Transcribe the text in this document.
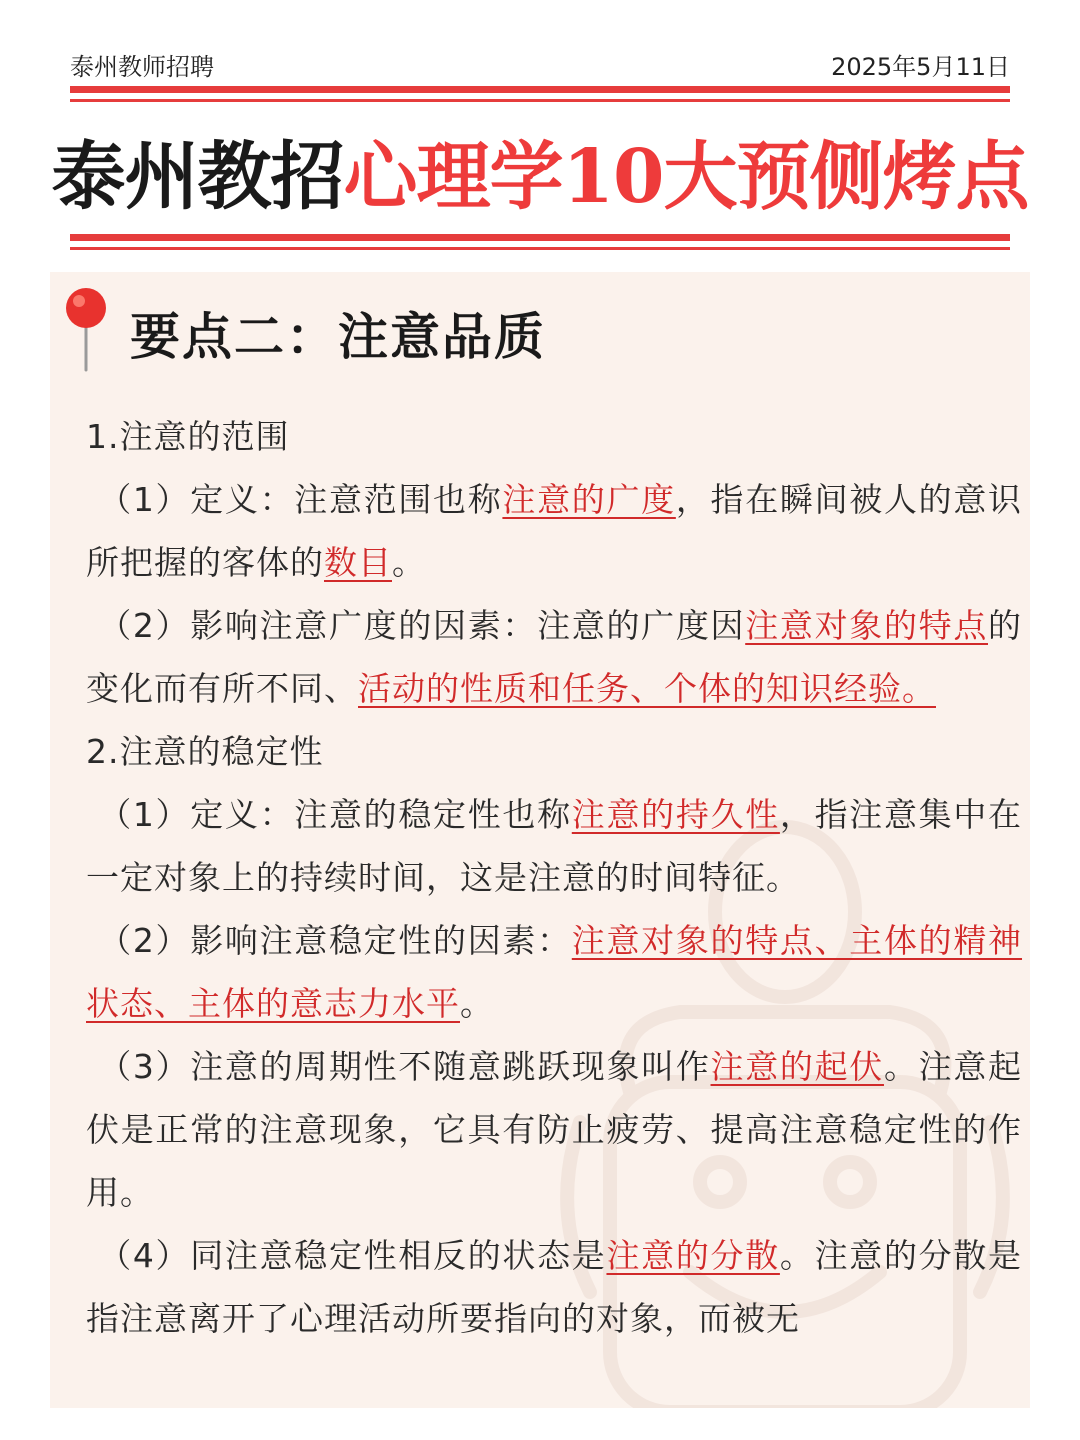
泰州教师招聘	2025年5月11日
泰州教招心理学10大预侧烤点
要点二：注意品质

1.注意的范围

（1）定义：注意范围也称注意的广度，指在瞬间被人的意识所把握的客体的数目。

（2）影响注意广度的因素：注意的广度因注意对象的特点的变化而有所不同、活动的性质和任务、个体的知识经验。

2.注意的稳定性

（1）定义：注意的稳定性也称注意的持久性，指注意集中在一定对象上的持续时间，这是注意的时间特征。

（2）影响注意稳定性的因素：注意对象的特点、主体的精神状态、主体的意志力水平。

（3）注意的周期性不随意跳跃现象叫作注意的起伏。注意起伏是正常的注意现象，它具有防止疲劳、提高注意稳定性的作用。

（4）同注意稳定性相反的状态是注意的分散。注意的分散是指注意离开了心理活动所要指向的对象，而被无
